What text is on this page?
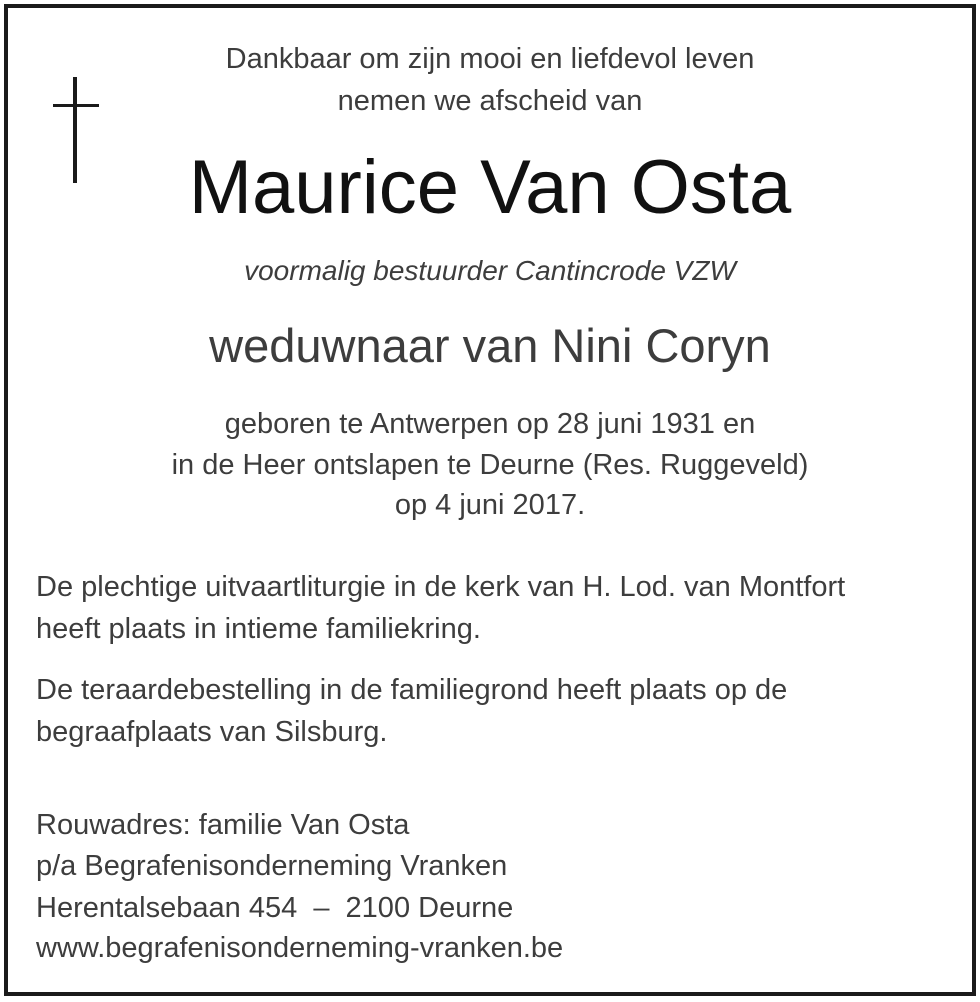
Dankbaar om zijn mooi en liefdevol leven
nemen we afscheid van
Maurice Van Osta
voormalig bestuurder Cantincrode VZW
weduwnaar van Nini Coryn
geboren te Antwerpen op 28 juni 1931 en
in de Heer ontslapen te Deurne (Res. Ruggeveld)
op 4 juni 2017.
De plechtige uitvaartliturgie in de kerk van H. Lod. van Montfort
heeft plaats in intieme familiekring.
De teraardebestelling in de familiegrond heeft plaats op de
begraafplaats van Silsburg.
Rouwadres: familie Van Osta
p/a Begrafenisonderneming Vranken
Herentalsebaan 454  –  2100 Deurne
www.begrafenisonderneming-vranken.be
